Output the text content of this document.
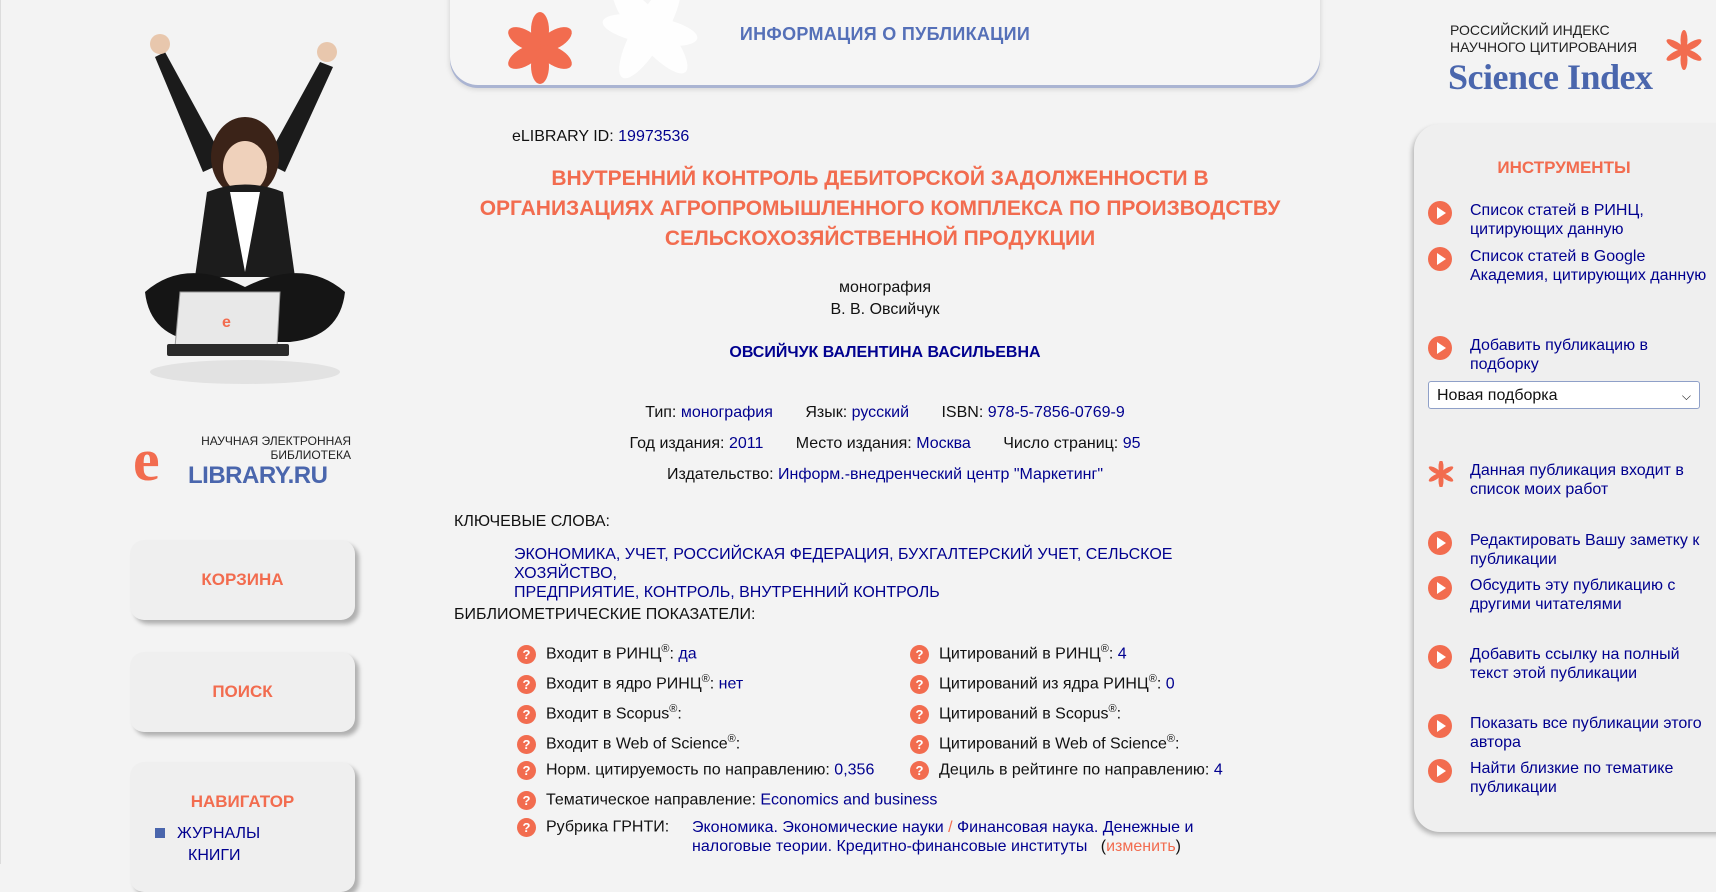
e
НАУЧНАЯ ЭЛЕКТРОННАЯ
БИБЛИОТЕКА
e LIBRARY.RU
КОРЗИНА
ПОИСК
НАВИГАТОР
ЖУРНАЛЫ
КНИГИ
ИНФОРМАЦИЯ О ПУБЛИКАЦИИ
eLIBRARY ID: 19973536
ВНУТРЕННИЙ КОНТРОЛЬ ДЕБИТОРСКОЙ ЗАДОЛЖЕННОСТИ В
ОРГАНИЗАЦИЯХ АГРОПРОМЫШЛЕННОГО КОМПЛЕКСА ПО ПРОИЗВОДСТВУ
СЕЛЬСКОХОЗЯЙСТВЕННОЙ ПРОДУКЦИИ
монография
В. В. Овсийчук
ОВСИЙЧУК ВАЛЕНТИНА ВАСИЛЬЕВНА
Тип: монография Язык: русский ISBN: 978-5-7856-0769-9
Год издания: 2011 Место издания: Москва Число страниц: 95
Издательство: Информ.-внедренческий центр "Маркетинг"
КЛЮЧЕВЫЕ СЛОВА:
ЭКОНОМИКА, УЧЕТ, РОССИЙСКАЯ ФЕДЕРАЦИЯ, БУХГАЛТЕРСКИЙ УЧЕТ, СЕЛЬСКОЕ ХОЗЯЙСТВО,
ПРЕДПРИЯТИЕ, КОНТРОЛЬ, ВНУТРЕННИЙ КОНТРОЛЬ
БИБЛИОМЕТРИЧЕСКИЕ ПОКАЗАТЕЛИ:
? Входит в РИНЦ®: да
? Входит в ядро РИНЦ®: нет
? Входит в Scopus®:
? Входит в Web of Science®:
? Норм. цитируемость по направлению: 0,356
? Цитирований в РИНЦ®: 4
? Цитирований из ядра РИНЦ®: 0
? Цитирований в Scopus®:
? Цитирований в Web of Science®:
? Дециль в рейтинге по направлению: 4
? Тематическое направление: Economics and business
? Рубрика ГРНТИ: Экономика. Экономические науки / Финансовая наука. Денежные и
налоговые теории. Кредитно-финансовые институты   (изменить)
РОССИЙСКИЙ ИНДЕКС
НАУЧНОГО ЦИТИРОВАНИЯ
Science Index
ИНСТРУМЕНТЫ
Список статей в РИНЦ, цитирующих данную
Список статей в Google Академия, цитирующих данную
Добавить публикацию в подборку
Новая подборка	⌵
Данная публикация входит в список моих работ
Редактировать Вашу заметку к публикации
Обсудить эту публикацию с другими читателями
Добавить ссылку на полный текст этой публикации
Показать все публикации этого автора
Найти близкие по тематике публикации
